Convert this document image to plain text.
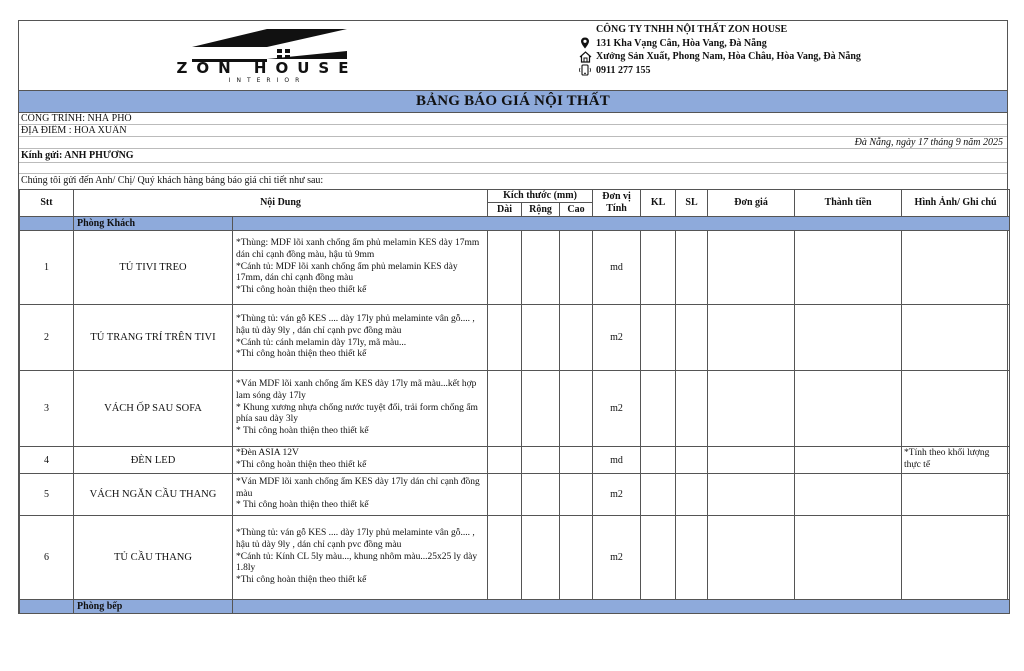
ZON HOUSE
INTERIOR
CÔNG TY TNHH NỘI THẤT ZON HOUSE
131 Kha Vạng Cân, Hòa Vang, Đà Nẵng
Xưởng Sản Xuất, Phong Nam, Hòa Châu, Hòa Vang, Đà Nẵng
0911 277 155
BẢNG BÁO GIÁ NỘI THẤT
CÔNG TRÌNH: NHÀ PHỐ
ĐỊA ĐIỂM : HÒA XUÂN
Đà Nẵng, ngày 17 tháng 9 năm 2025
Kính gửi: ANH PHƯƠNG
Chúng tôi gửi đến Anh/ Chị/ Quý khách hàng bảng báo giá chi tiết như sau:
Stt	Nội Dung		Kích thước (mm)			Đơn vị Tính	KL	SL	Đơn giá	Thành tiền	Hình Ảnh/ Ghi chú
			Dài	Rộng	Cao						
	Phòng Khách										
1	TỦ TIVI TREO	*Thùng: MDF lõi xanh chống ẩm phủ melamin KES dày 17mm dán chỉ cạnh đồng màu, hậu tủ 9mm
*Cánh tủ: MDF lõi xanh chống ẩm phủ melamin KES dày 17mm, dán chỉ cạnh đồng màu
*Thi công hoàn thiện theo thiết kế				md					
2	TỦ TRANG TRÍ TRÊN TIVI	*Thùng tủ: ván gỗ KES .... dày 17ly phủ melaminte vân gỗ.... , hậu tủ dày 9ly , dán chỉ cạnh pvc đồng màu
*Cánh tủ: cánh melamin dày 17ly, mã màu...
*Thi công hoàn thiện theo thiết kế				m2					
3	VÁCH ỐP SAU SOFA	*Ván MDF lõi xanh chống ẩm KES dày 17ly mã màu...kết hợp lam sóng dày 17ly
* Khung xương nhựa chống nước tuyệt đối, trải form chống ẩm phía sau dày 3ly
* Thi công hoàn thiện theo thiết kế				m2					
4	ĐÈN LED	*Đèn ASIA 12V
*Thi công hoàn thiện theo thiết kế				md					*Tính theo khối lượng thực tế
5	VÁCH NGĂN CẦU THANG	*Ván MDF lõi xanh chống ẩm KES dày 17ly dán chỉ cạnh đồng màu
* Thi công hoàn thiện theo thiết kế				m2					
6	TỦ CẦU THANG	*Thùng tủ: ván gỗ KES .... dày 17ly phủ melaminte vân gỗ.... , hậu tủ dày 9ly , dán chỉ cạnh pvc đồng màu
*Cánh tủ: Kính CL 5ly màu..., khung nhôm màu...25x25 ly dày 1.8ly
*Thi công hoàn thiện theo thiết kế				m2					
	Phòng bếp										
